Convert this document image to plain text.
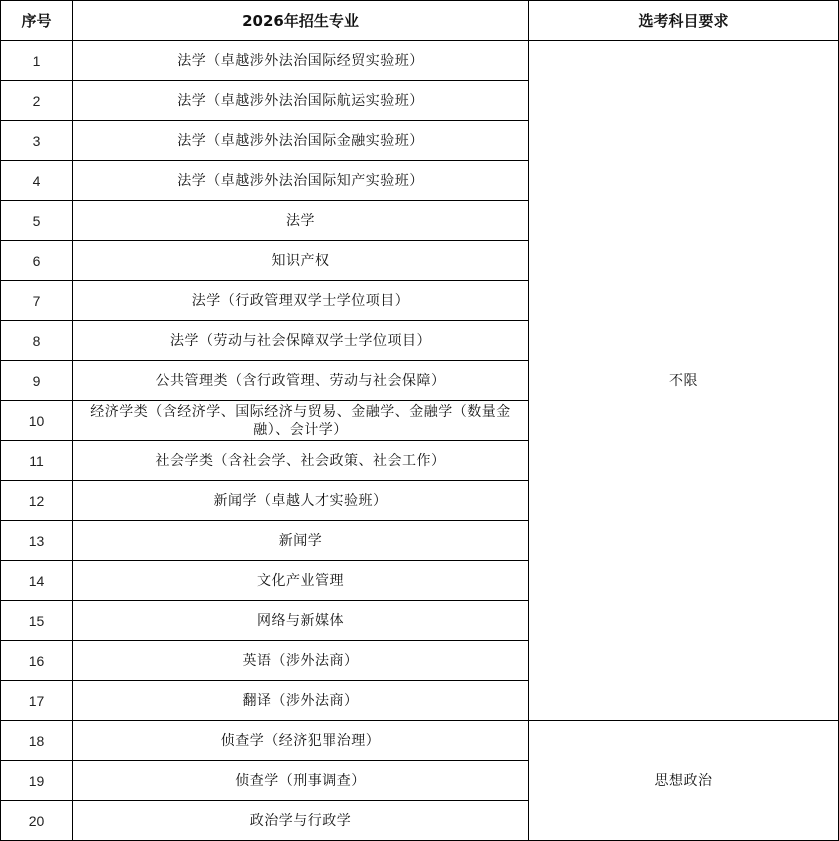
序号	2026年招生专业	选考科目要求
1	法学（卓越涉外法治国际经贸实验班）	不限
2	法学（卓越涉外法治国际航运实验班）	
3	法学（卓越涉外法治国际金融实验班）	
4	法学（卓越涉外法治国际知产实验班）	
5	法学	
6	知识产权	
7	法学（行政管理双学士学位项目）	
8	法学（劳动与社会保障双学士学位项目）	
9	公共管理类（含行政管理、劳动与社会保障）	
10	经济学类（含经济学、国际经济与贸易、金融学、金融学（数量金融）、会计学）	
11	社会学类（含社会学、社会政策、社会工作）	
12	新闻学（卓越人才实验班）	
13	新闻学	
14	文化产业管理	
15	网络与新媒体	
16	英语（涉外法商）	
17	翻译（涉外法商）	
18	侦查学（经济犯罪治理）	思想政治
19	侦查学（刑事调查）	
20	政治学与行政学	
